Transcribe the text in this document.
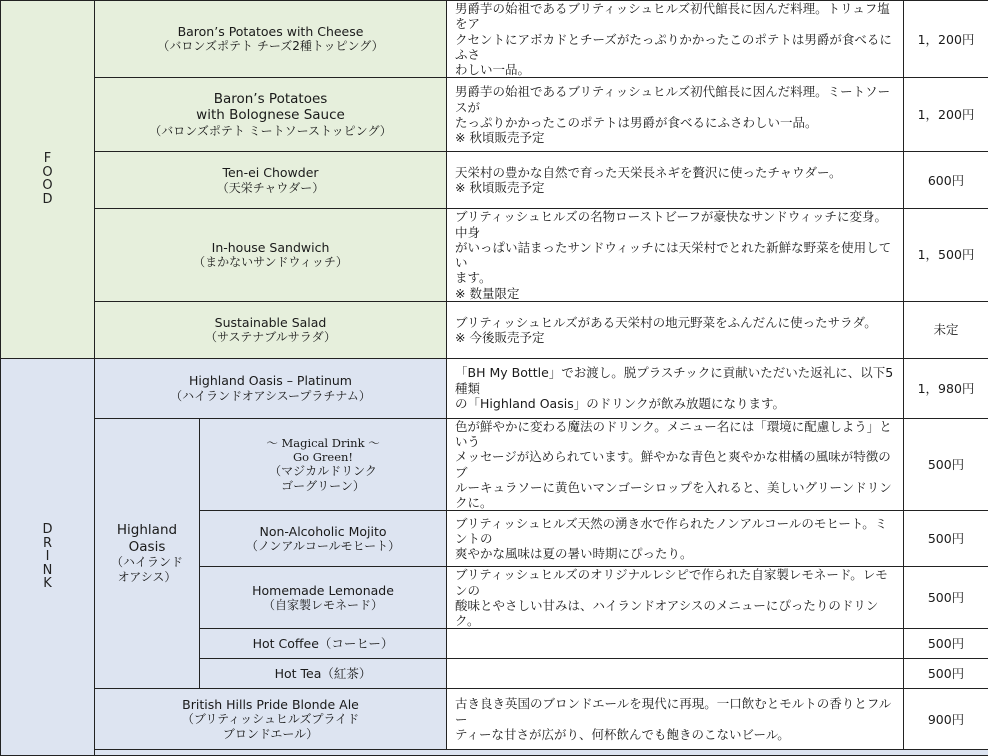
F
O
O
D	Baron’s Potatoes with Cheese
（バロンズポテト チーズ2種トッピング）		男爵芋の始祖であるブリティッシュヒルズ初代館長に因んだ料理。トリュフ塩をア
クセントにアボカドとチーズがたっぷりかかったこのポテトは男爵が食べるにふさ
わしい一品。	1，200円

	Baron’s Potatoes
with Bolognese Sauce
（バロンズポテト ミートソーストッピング）		男爵芋の始祖であるブリティッシュヒルズ初代館長に因んだ料理。ミートソースが
たっぷりかかったこのポテトは男爵が食べるにふさわしい一品。
※ 秋頃販売予定	1，200円
	Ten-ei Chowder
（天栄チャウダー）		天栄村の豊かな自然で育った天栄長ネギを贅沢に使ったチャウダー。
※ 秋頃販売予定	600円
	In-house Sandwich
（まかないサンドウィッチ）		ブリティッシュヒルズの名物ローストビーフが豪快なサンドウィッチに変身。中身
がいっぱい詰まったサンドウィッチには天栄村でとれた新鮮な野菜を使用してい
ます。
※ 数量限定	1，500円
	Sustainable Salad
（サステナブルサラダ）		ブリティッシュヒルズがある天栄村の地元野菜をふんだんに使ったサラダ。
※ 今後販売予定	未定

D
R
I
N
K	Highland Oasis – Platinum
（ハイランドオアシスープラチナム）		「BH My Bottle」でお渡し。脱プラスチックに貢献いただいた返礼に、以下5種類
の「Highland Oasis」のドリンクが飲み放題になります。	1，980円

	Highland
Oasis
（ハイランド
オアシス）	～ Magical Drink ～
Go Green!
（マジカルドリンク
ゴーグリーン）	色が鮮やかに変わる魔法のドリンク。メニュー名には「環境に配慮しよう」という
メッセージが込められています。鮮やかな青色と爽やかな柑橘の風味が特徴のブ
ルーキュラソーに黄色いマンゴーシロップを入れると、美しいグリーンドリンクに。	500円
		Non-Alcoholic Mojito
（ノンアルコールモヒート）	ブリティッシュヒルズ天然の湧き水で作られたノンアルコールのモヒート。ミントの
爽やかな風味は夏の暑い時期にぴったり。	500円
		Homemade Lemonade
（自家製レモネード）	ブリティッシュヒルズのオリジナルレシピで作られた自家製レモネード。レモンの
酸味とやさしい甘みは、ハイランドオアシスのメニューにぴったりのドリンク。	500円
		Hot Coffee（コーヒー）		500円
		Hot Tea（紅茶）		500円
	British Hills Pride Blonde Ale
（ブリティッシュヒルズプライド
ブロンドエール）		古き良き英国のブロンドエールを現代に再現。一口飲むとモルトの香りとフルー
ティーな甘さが広がり、何杯飲んでも飽きのこないビール。	900円
